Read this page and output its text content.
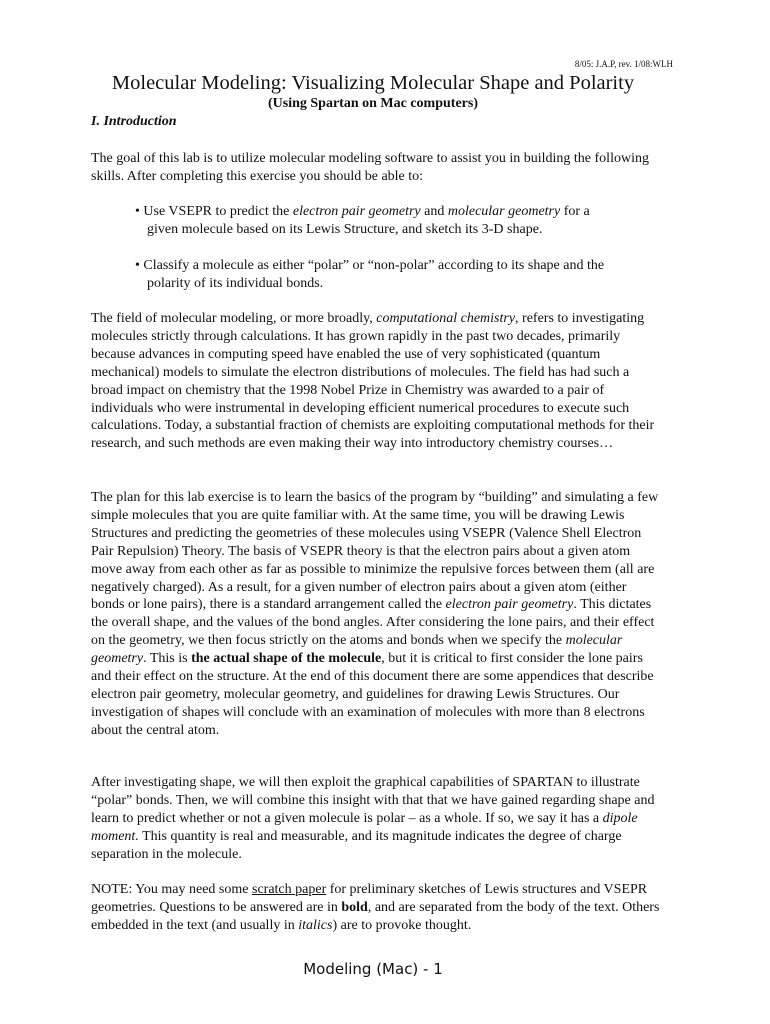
8/05: J.A.P, rev. 1/08:WLH
Molecular Modeling: Visualizing Molecular Shape and Polarity
(Using Spartan on Mac computers)
I. Introduction

The goal of this lab is to utilize molecular modeling software to assist you in building the following skills. After completing this exercise you should be able to:

• Use VSEPR to predict the electron pair geometry and molecular geometry for a
given molecule based on its Lewis Structure, and sketch its 3-D shape.
• Classify a molecule as either “polar” or “non-polar” according to its shape and the
polarity of its individual bonds.

The field of molecular modeling, or more broadly, computational chemistry, refers to investigating molecules strictly through calculations. It has grown rapidly in the past two decades, primarily because advances in computing speed have enabled the use of very sophisticated (quantum mechanical) models to simulate the electron distributions of molecules. The field has had such a broad impact on chemistry that the 1998 Nobel Prize in Chemistry was awarded to a pair of individuals who were instrumental in developing efficient numerical procedures to execute such calculations. Today, a substantial fraction of chemists are exploiting computational methods for their research, and such methods are even making their way into introductory chemistry courses…

The plan for this lab exercise is to learn the basics of the program by “building” and simulating a few simple molecules that you are quite familiar with. At the same time, you will be drawing Lewis Structures and predicting the geometries of these molecules using VSEPR (Valence Shell Electron Pair Repulsion) Theory. The basis of VSEPR theory is that the electron pairs about a given atom move away from each other as far as possible to minimize the repulsive forces between them (all are negatively charged). As a result, for a given number of electron pairs about a given atom (either bonds or lone pairs), there is a standard arrangement called the electron pair geometry. This dictates the overall shape, and the values of the bond angles. After considering the lone pairs, and their effect on the geometry, we then focus strictly on the atoms and bonds when we specify the molecular geometry. This is the actual shape of the molecule, but it is critical to first consider the lone pairs and their effect on the structure. At the end of this document there are some appendices that describe electron pair geometry, molecular geometry, and guidelines for drawing Lewis Structures. Our investigation of shapes will conclude with an examination of molecules with more than 8 electrons about the central atom.

After investigating shape, we will then exploit the graphical capabilities of SPARTAN to illustrate “polar” bonds. Then, we will combine this insight with that that we have gained regarding shape and learn to predict whether or not a given molecule is polar – as a whole. If so, we say it has a dipole moment. This quantity is real and measurable, and its magnitude indicates the degree of charge separation in the molecule.

NOTE: You may need some scratch paper for preliminary sketches of Lewis structures and VSEPR geometries. Questions to be answered are in bold, and are separated from the body of the text. Others embedded in the text (and usually in italics) are to provoke thought.

Modeling (Mac) - 1
